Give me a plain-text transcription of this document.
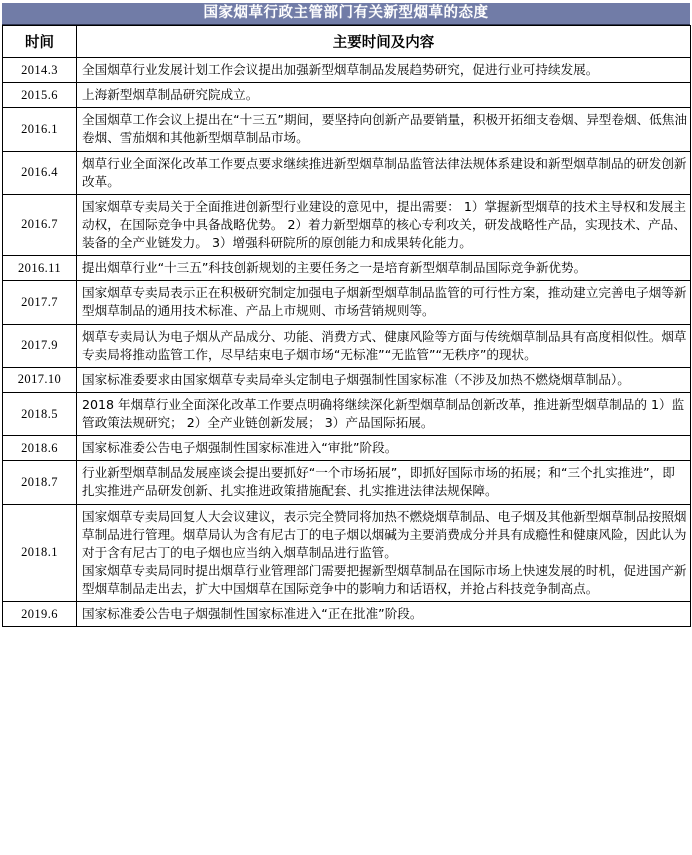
国家烟草行政主管部门有关新型烟草的态度
时间	主要时间及内容
2014.3	全国烟草行业发展计划工作会议提出加强新型烟草制品发展趋势研究，促进行业可持续发展。

2015.6	上海新型烟草制品研究院成立。

2016.1	全国烟草工作会议上提出在“十三五”期间，要坚持向创新产品要销量，积极开拓细支卷烟、异型卷烟、低焦油卷烟、雪茄烟和其他新型烟草制品市场。

2016.4	烟草行业全面深化改革工作要点要求继续推进新型烟草制品监管法律法规体系建设和新型烟草制品的研发创新改革。

2016.7	国家烟草专卖局关于全面推进创新型行业建设的意见中，提出需要： 1）掌握新型烟草的技术主导权和发展主动权，在国际竞争中具备战略优势。 2）着力新型烟草的核心专利攻关，研发战略性产品，实现技术、产品、装备的全产业链发力。 3）增强科研院所的原创能力和成果转化能力。

2016.11	提出烟草行业“十三五”科技创新规划的主要任务之一是培育新型烟草制品国际竞争新优势。

2017.7	国家烟草专卖局表示正在积极研究制定加强电子烟新型烟草制品监管的可行性方案，推动建立完善电子烟等新型烟草制品的通用技术标准、产品上市规则、市场营销规则等。

2017.9	烟草专卖局认为电子烟从产品成分、功能、消费方式、健康风险等方面与传统烟草制品具有高度相似性。烟草专卖局将推动监管工作，尽早结束电子烟市场“无标准”“无监管”“无秩序”的现状。

2017.10	国家标准委要求由国家烟草专卖局牵头定制电子烟强制性国家标准（不涉及加热不燃烧烟草制品）。

2018.5	2018 年烟草行业全面深化改革工作要点明确将继续深化新型烟草制品创新改革，推进新型烟草制品的 1）监管政策法规研究； 2）全产业链创新发展； 3）产品国际拓展。

2018.6	国家标准委公告电子烟强制性国家标准进入“审批”阶段。

2018.7	行业新型烟草制品发展座谈会提出要抓好“一个市场拓展”，即抓好国际市场的拓展；和“三个扎实推进”，即扎实推进产品研发创新、扎实推进政策措施配套、扎实推进法律法规保障。

2018.1	国家烟草专卖局回复人大会议建议，表示完全赞同将加热不燃烧烟草制品、电子烟及其他新型烟草制品按照烟草制品进行管理。烟草局认为含有尼古丁的电子烟以烟碱为主要消费成分并具有成瘾性和健康风险，因此认为对于含有尼古丁的电子烟也应当纳入烟草制品进行监管。

国家烟草专卖局同时提出烟草行业管理部门需要把握新型烟草制品在国际市场上快速发展的时机，促进国产新型烟草制品走出去，扩大中国烟草在国际竞争中的影响力和话语权，并抢占科技竞争制高点。

2019.6	国家标准委公告电子烟强制性国家标准进入“正在批准”阶段。
